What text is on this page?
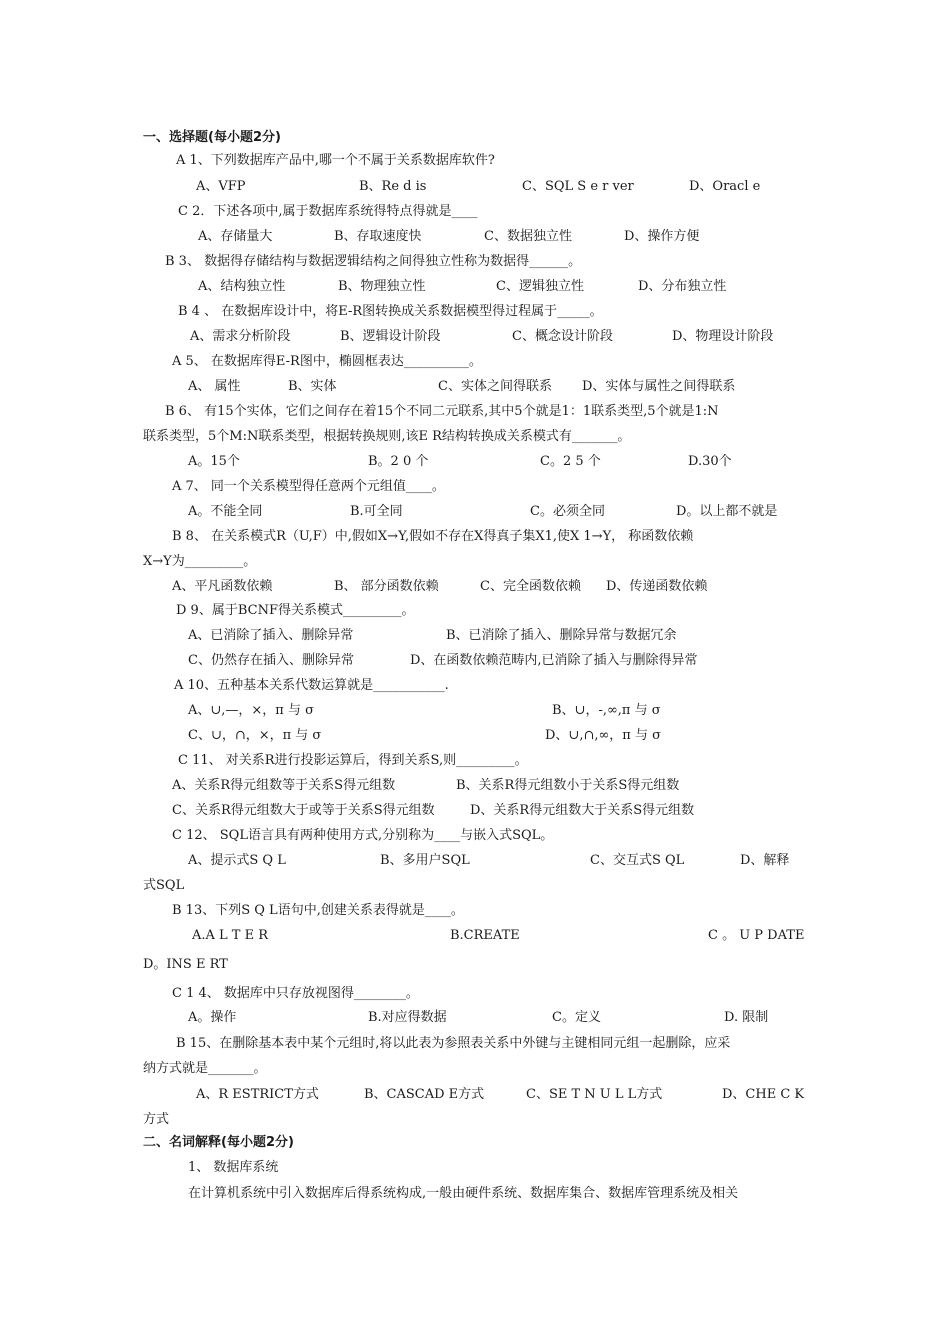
一、选择题(每小题2分)
A 1、下列数据库产品中,哪一个不属于关系数据库软件?
A、VFP	B、Re d is	C、SQL S e r ver	D、Oracl e
C 2．下述各项中,属于数据库系统得特点得就是____
A、存储量大	B、存取速度快	C、数据独立性	D、操作方便
B 3、 数据得存储结构与数据逻辑结构之间得独立性称为数据得______。
A、结构独立性	B、物理独立性	C、逻辑独立性	D、分布独立性
B 4 、 在数据库设计中，将E-R图转换成关系数据模型得过程属于_____。
A、需求分析阶段	B、逻辑设计阶段	C、概念设计阶段	D、物理设计阶段
A 5、 在数据库得E-R图中，椭圆框表达__________。
A、 属性	B、实体	C、实体之间得联系 D、实体与属性之间得联系
B 6、 有15个实体，它们之间存在着15个不同二元联系,其中5个就是1：1联系类型,5个就是1:N
联系类型，5个M:N联系类型，根据转换规则,该E R结构转换成关系模式有_______。
A。15个	B。2 0 个	C。2 5 个	D.30个
A 7、 同一个关系模型得任意两个元组值____。
A。不能全同	B.可全同	C。必须全同	D。以上都不就是
B 8、 在关系模式R（U,F）中,假如X→Y,假如不存在X得真子集X1,使X 1→Y， 称函数依赖
X→Y为_________。
A、平凡函数依赖	B、 部分函数依赖	C、完全函数依赖 D、传递函数依赖
D 9、属于BCNF得关系模式_________。
A、已消除了插入、删除异常	B、已消除了插入、删除异常与数据冗余
C、仍然存在插入、删除异常	D、在函数依赖范畴内,已消除了插入与删除得异常
A 10、五种基本关系代数运算就是___________.
A、∪,—，×，π 与 σ	B、∪，-,∞,π 与 σ
C、∪，∩，×，π 与 σ	D、∪,∩,∞，π 与 σ
C 11、 对关系R进行投影运算后，得到关系S,则_________。
A、关系R得元组数等于关系S得元组数	B、关系R得元组数小于关系S得元组数
C、关系R得元组数大于或等于关系S得元组数	D、关系R得元组数大于关系S得元组数
C 12、 SQL语言具有两种使用方式,分别称为____与嵌入式SQL。
A、提示式S Q L	B、多用户SQL	C、交互式S QL	D、解释
式SQL
B 13、下列S Q L语句中,创建关系表得就是____。
A.A L T E R	B.CREATE	C 。 U P DATE
D。INS E RT
C 1 4、 数据库中只存放视图得________。
A。操作	B.对应得数据	C。定义	D. 限制
B 15、在删除基本表中某个元组时,将以此表为参照表关系中外键与主键相同元组一起删除，应采
纳方式就是_______。
A、R ESTRICT方式	B、CASCAD E方式	C、SE T N U L L方式	D、CHE C K
方式
二、名词解释(每小题2分)
1、 数据库系统
在计算机系统中引入数据库后得系统构成,一般由硬件系统、数据库集合、数据库管理系统及相关
